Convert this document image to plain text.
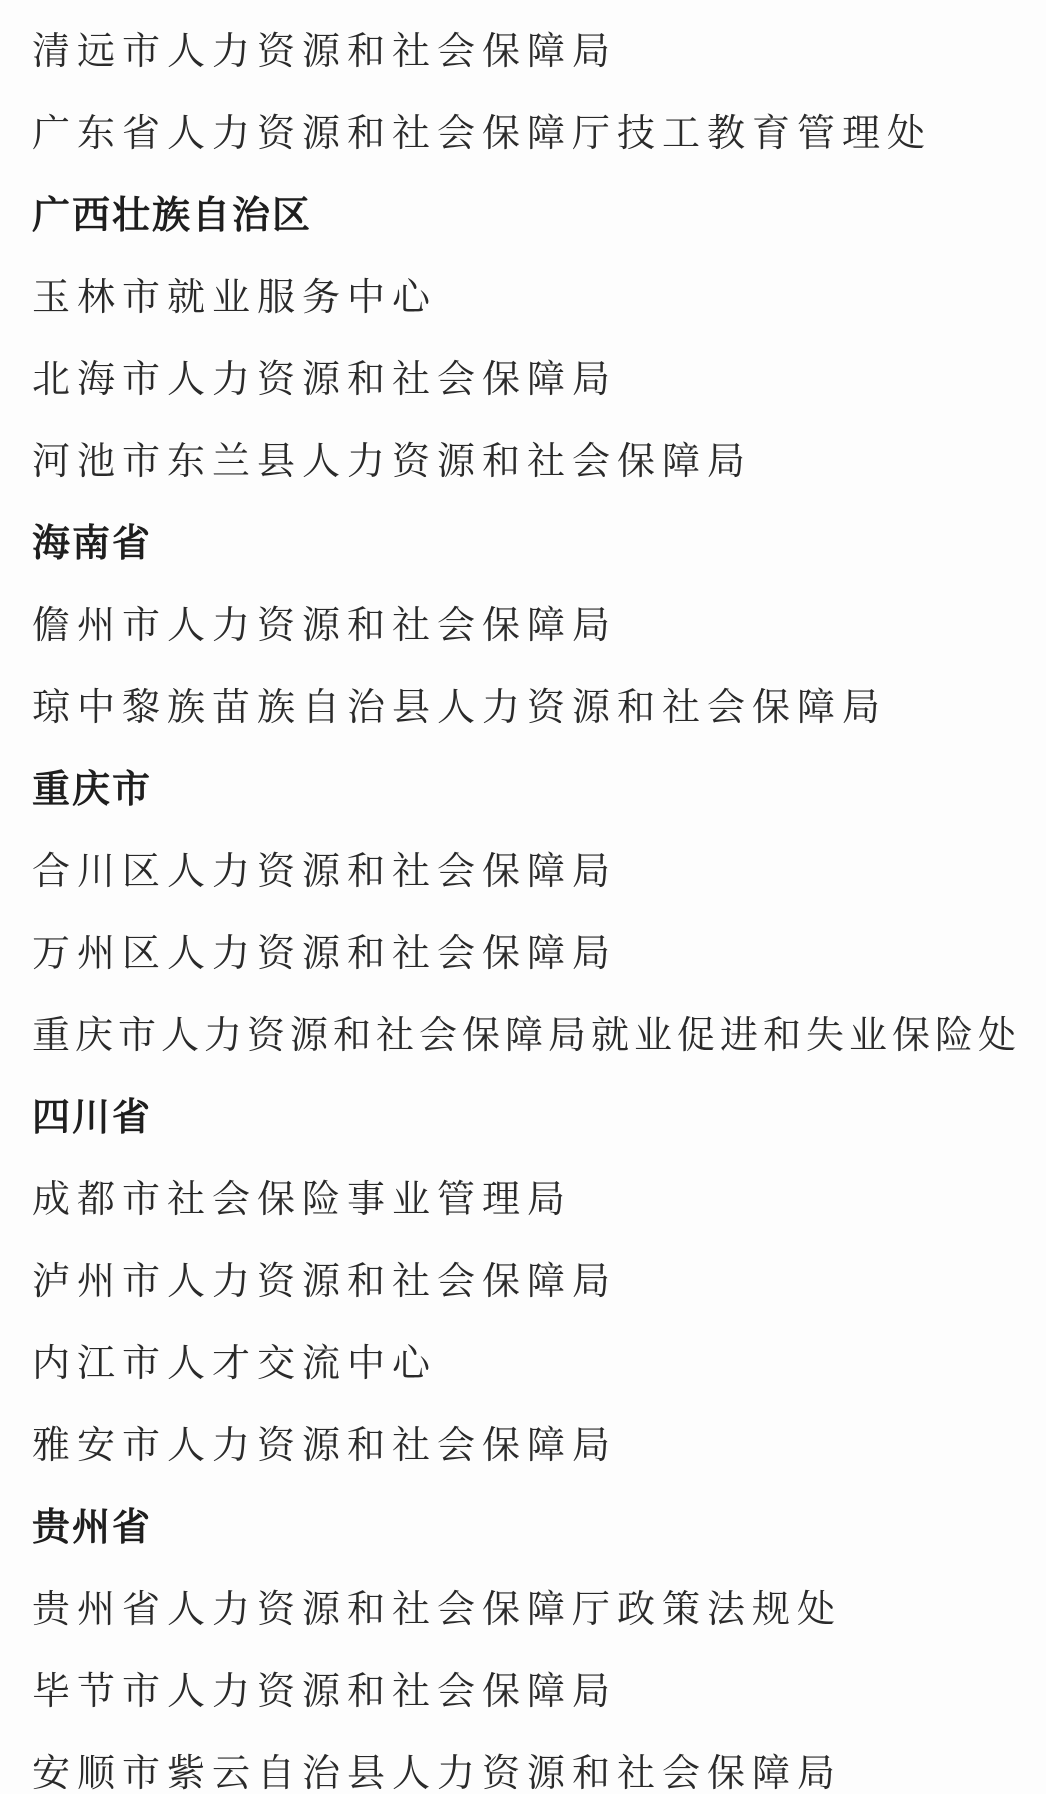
清远市人力资源和社会保障局
广东省人力资源和社会保障厅技工教育管理处
广西壮族自治区
玉林市就业服务中心
北海市人力资源和社会保障局
河池市东兰县人力资源和社会保障局
海南省
儋州市人力资源和社会保障局
琼中黎族苗族自治县人力资源和社会保障局
重庆市
合川区人力资源和社会保障局
万州区人力资源和社会保障局
重庆市人力资源和社会保障局就业促进和失业保险处
四川省
成都市社会保险事业管理局
泸州市人力资源和社会保障局
内江市人才交流中心
雅安市人力资源和社会保障局
贵州省
贵州省人力资源和社会保障厅政策法规处
毕节市人力资源和社会保障局
安顺市紫云自治县人力资源和社会保障局
